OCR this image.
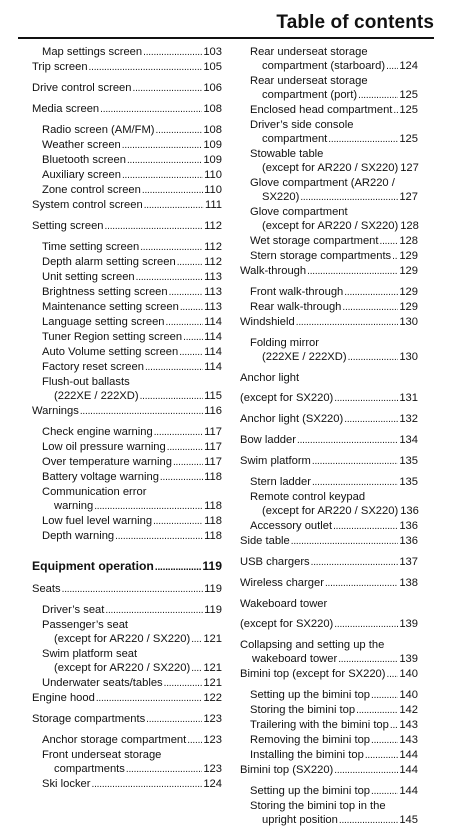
Table of contents
Map settings screen .....	103
Trip screen .....	105
Drive control screen .....	106
Media screen .....	108
Radio screen (AM/FM) .....	108
Weather screen .....	109
Bluetooth screen .....	109
Auxiliary screen .....	110
Zone control screen .....	110
System control screen .....	111
Setting screen .....	112
Time setting screen .....	112
Depth alarm setting screen .....	112
Unit setting screen .....	113
Brightness setting screen .....	113
Maintenance setting screen ..... 113
Language setting screen .....	114
Tuner Region setting screen ..... 114
Auto Volume setting screen ..... 114
Factory reset screen .....	114
Flush-out ballasts
(222XE / 222XD) .....	115
Warnings .....	116
Check engine warning .....	117
Low oil pressure warning .....	117
Over temperature warning .....	117
Battery voltage warning .....	118
Communication error
warning .....	118
Low fuel level warning .....	118
Depth warning .....	118
Equipment operation .....	119
Seats .....	119
Driver’s seat .....	119
Passenger’s seat
(except for AR220 / SX220) ..... 121
Swim platform seat
(except for AR220 / SX220) ..... 121
Underwater seats/tables .....	121
Engine hood .....	122
Storage compartments .....	123
Anchor storage compartment ..... 123
Front underseat storage
compartments .....	123
Ski locker .....	124
Rear underseat storage
compartment (starboard) ..... 124
Rear underseat storage
compartment (port) .....	125
Enclosed head compartment ..... 125
Driver’s side console
compartment .....	125
Stowable table
(except for AR220 / SX220) 127
Glove compartment (AR220 /
SX220) .....	127
Glove compartment
(except for AR220 / SX220) 128
Wet storage compartment ..... 128
Stern storage compartments ..... 129
Walk-through .....	129
Front walk-through .....	129
Rear walk-through .....	129
Windshield .....	130
Folding mirror
(222XE / 222XD) .....	130
Anchor light
(except for SX220) .....	131
Anchor light (SX220) .....	132
Bow ladder .....	134
Swim platform .....	135
Stern ladder .....	135
Remote control keypad
(except for AR220 / SX220) 136
Accessory outlet .....	136
Side table .....	136
USB chargers .....	137
Wireless charger .....	138
Wakeboard tower
(except for SX220) .....	139
Collapsing and setting up the
wakeboard tower .....	139
Bimini top (except for SX220) ..... 140
Setting up the bimini top .....	140
Storing the bimini top .....	142
Trailering with the bimini top ..... 143
Removing the bimini top .....	143
Installing the bimini top .....	144
Bimini top (SX220) .....	144
Setting up the bimini top .....	144
Storing the bimini top in the
upright position .....	145
